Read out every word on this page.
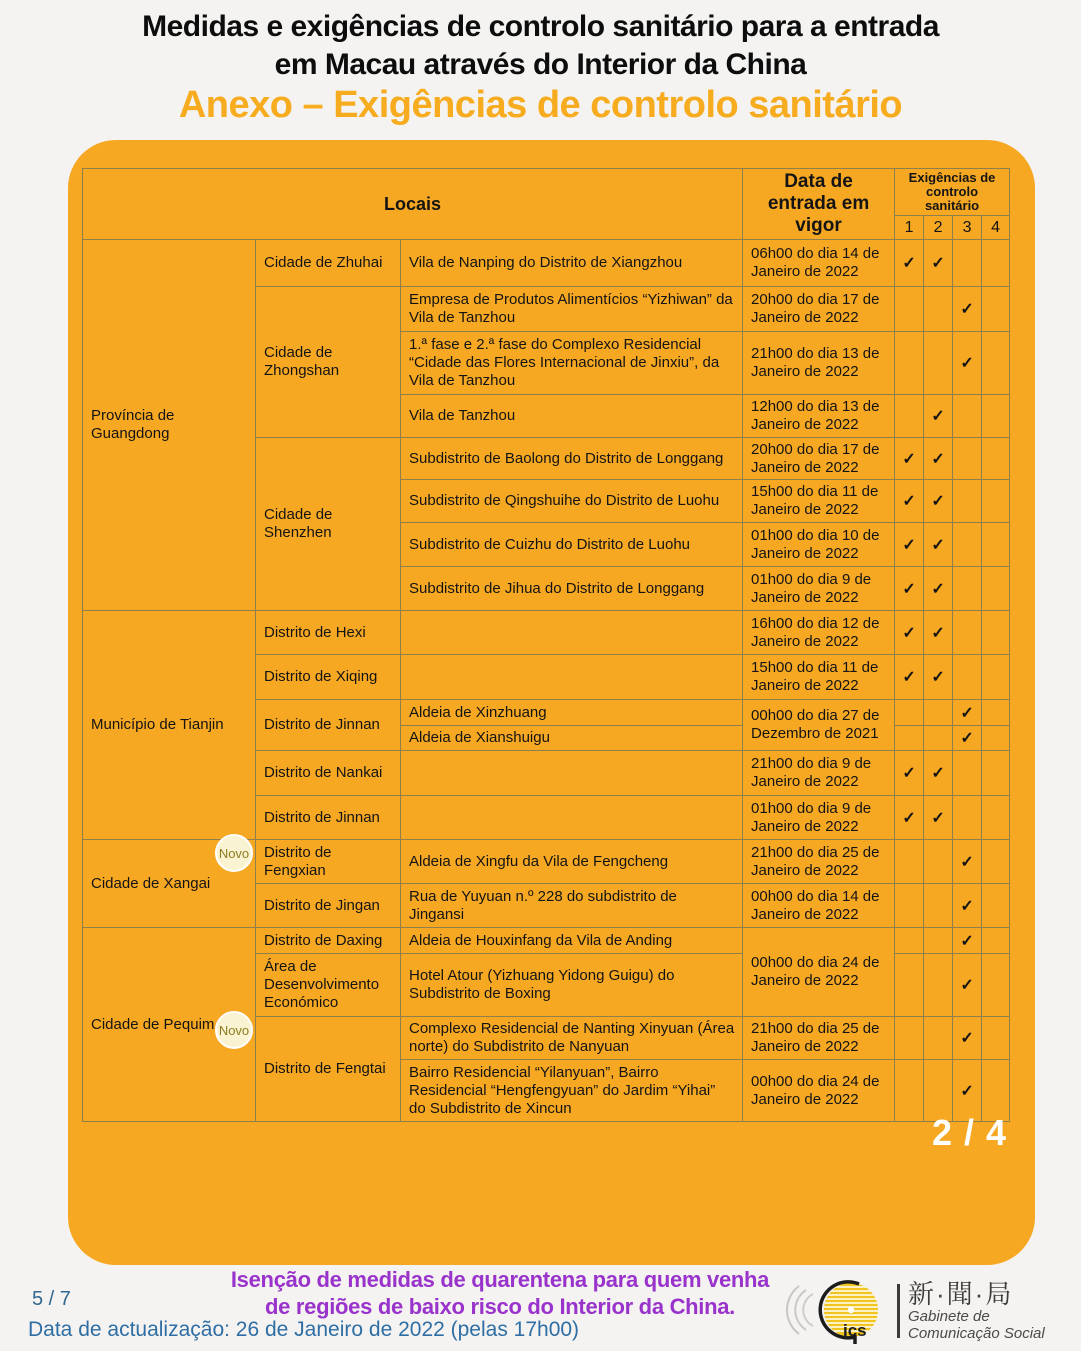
Medidas e exigências de controlo sanitário para a entrada
em Macau através do Interior da China
Anexo – Exigências de controlo sanitário
Locais			Data de entrada em vigor	Exigências de controlo sanitário			
				1	2	3	4
Província de Guangdong	Cidade de Zhuhai	Vila de Nanping do Distrito de Xiangzhou	06h00 do dia 14 de Janeiro de 2022	✓	✓		
	Cidade de Zhongshan	Empresa de Produtos Alimentícios “Yizhiwan” da Vila de Tanzhou	20h00 do dia 17 de Janeiro de 2022			✓	
		1.ª fase e 2.ª fase do Complexo Residencial “Cidade das Flores Internacional de Jinxiu”, da Vila de Tanzhou	21h00 do dia 13 de Janeiro de 2022			✓	
		Vila de Tanzhou	12h00 do dia 13 de Janeiro de 2022		✓		
	Cidade de Shenzhen	Subdistrito de Baolong do Distrito de Longgang	20h00 do dia 17 de Janeiro de 2022	✓	✓		
		Subdistrito de Qingshuihe do Distrito de Luohu	15h00 do dia 11 de Janeiro de 2022	✓	✓		
		Subdistrito de Cuizhu do Distrito de Luohu	01h00 do dia 10 de Janeiro de 2022	✓	✓		
		Subdistrito de Jihua do Distrito de Longgang	01h00 do dia 9 de Janeiro de 2022	✓	✓		
Município de Tianjin	Distrito de Hexi		16h00 do dia 12 de Janeiro de 2022	✓	✓		
	Distrito de Xiqing		15h00 do dia 11 de Janeiro de 2022	✓	✓		
	Distrito de Jinnan	Aldeia de Xinzhuang	00h00 do dia 27 de Dezembro de 2021			✓	
		Aldeia de Xianshuigu				✓	
	Distrito de Nankai		21h00 do dia 9 de Janeiro de 2022	✓	✓		
	Distrito de Jinnan		01h00 do dia 9 de Janeiro de 2022	✓	✓		
Cidade de Xangai	Distrito de Fengxian	Aldeia de Xingfu da Vila de Fengcheng	21h00 do dia 25 de Janeiro de 2022			✓	
	Distrito de Jingan	Rua de Yuyuan n.º 228 do subdistrito de Jingansi	00h00 do dia 14 de Janeiro de 2022			✓	
Cidade de Pequim	Distrito de Daxing	Aldeia de Houxinfang da Vila de Anding	00h00 do dia 24 de Janeiro de 2022			✓	
	Área de Desenvolvimento Económico	Hotel Atour (Yizhuang Yidong Guigu) do Subdistrito de Boxing				✓	
	Distrito de Fengtai	Complexo Residencial de Nanting Xinyuan (Área norte) do Subdistrito de Nanyuan	21h00 do dia 25 de Janeiro de 2022			✓	
		Bairro Residencial “Yilanyuan”, Bairro Residencial “Hengfengyuan” do Jardim “Yihai” do Subdistrito de Xincun	00h00 do dia 24 de Janeiro de 2022			✓	
Novo
Novo
2 / 4
5 / 7
Isenção de medidas de quarentena para quem venha
de regiões de baixo risco do Interior da China.
Data de actualização: 26 de Janeiro de 2022 (pelas 17h00)	ics
新·聞·局
Gabinete de
Comunicação Social
